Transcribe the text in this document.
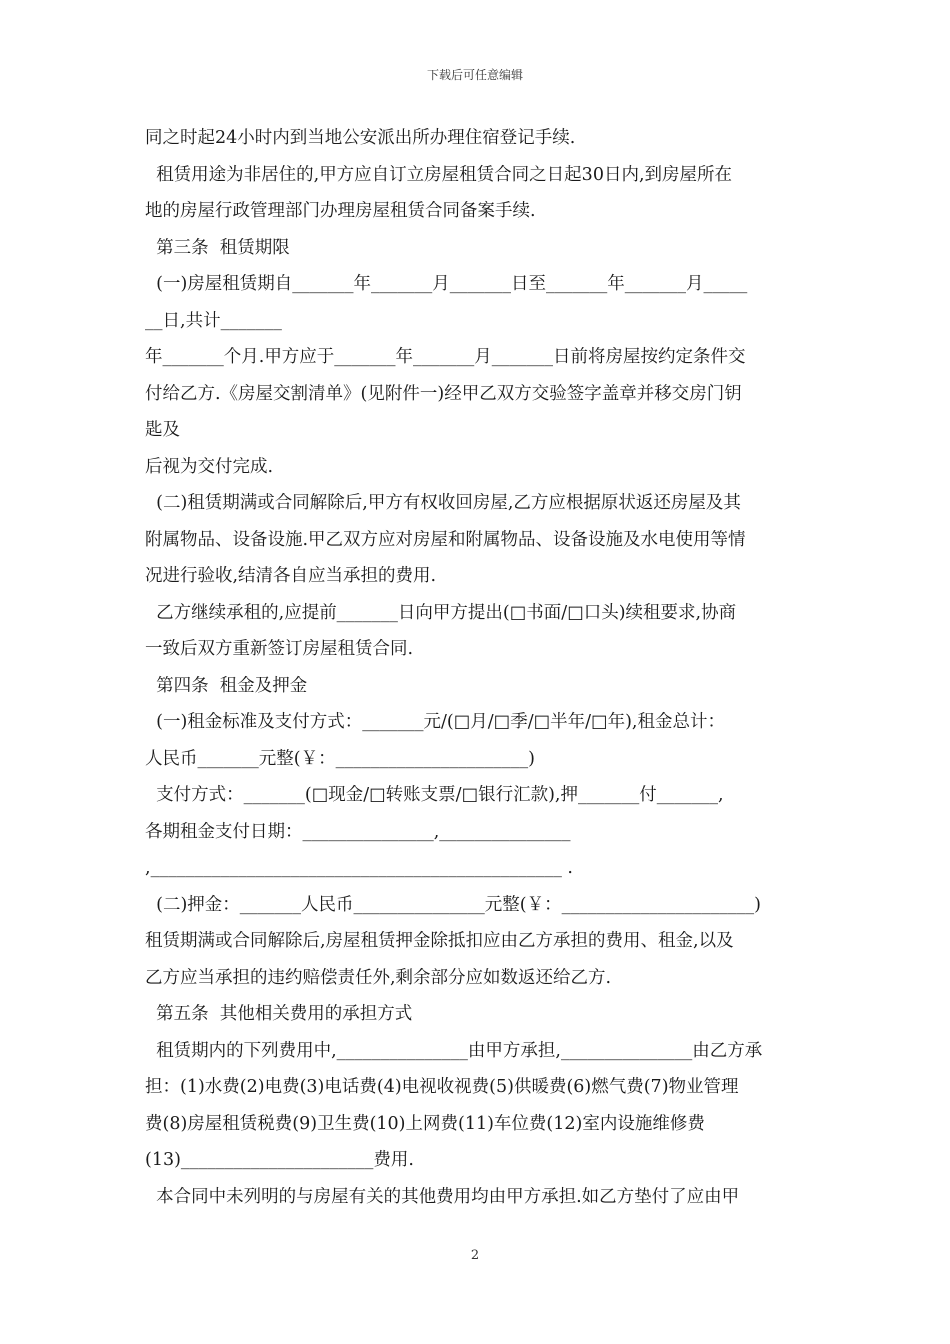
下载后可任意编辑
同之时起24小时内到当地公安派出所办理住宿登记手续.
租赁用途为非居住的,甲方应自订立房屋租赁合同之日起30日内,到房屋所在
地的房屋行政管理部门办理房屋租赁合同备案手续.
第三条  租赁期限
(一)房屋租赁期自_______年_______月_______日至_______年_______月_____
__日,共计_______
年_______个月.甲方应于_______年_______月_______日前将房屋按约定条件交
付给乙方.《房屋交割清单》(见附件一)经甲乙双方交验签字盖章并移交房门钥
匙及
后视为交付完成.
(二)租赁期满或合同解除后,甲方有权收回房屋,乙方应根据原状返还房屋及其
附属物品、设备设施.甲乙双方应对房屋和附属物品、设备设施及水电使用等情
况进行验收,结清各自应当承担的费用.
乙方继续承租的,应提前_______日向甲方提出(□书面/□口头)续租要求,协商
一致后双方重新签订房屋租赁合同.
第四条  租金及押金
(一)租金标准及支付方式：_______元/(□月/□季/□半年/□年),租金总计：
人民币_______元整(￥：______________________)
支付方式：_______(□现金/□转账支票/□银行汇款),押_______付_______,
各期租金支付日期：_______________,_______________
,_______________________________________________ .
(二)押金：_______人民币_______________元整(￥：______________________)
租赁期满或合同解除后,房屋租赁押金除抵扣应由乙方承担的费用、租金,以及
乙方应当承担的违约赔偿责任外,剩余部分应如数返还给乙方.
第五条  其他相关费用的承担方式
租赁期内的下列费用中,_______________由甲方承担,_______________由乙方承
担：(1)水费(2)电费(3)电话费(4)电视收视费(5)供暖费(6)燃气费(7)物业管理
费(8)房屋租赁税费(9)卫生费(10)上网费(11)车位费(12)室内设施维修费
(13)______________________费用.
本合同中未列明的与房屋有关的其他费用均由甲方承担.如乙方垫付了应由甲
2
